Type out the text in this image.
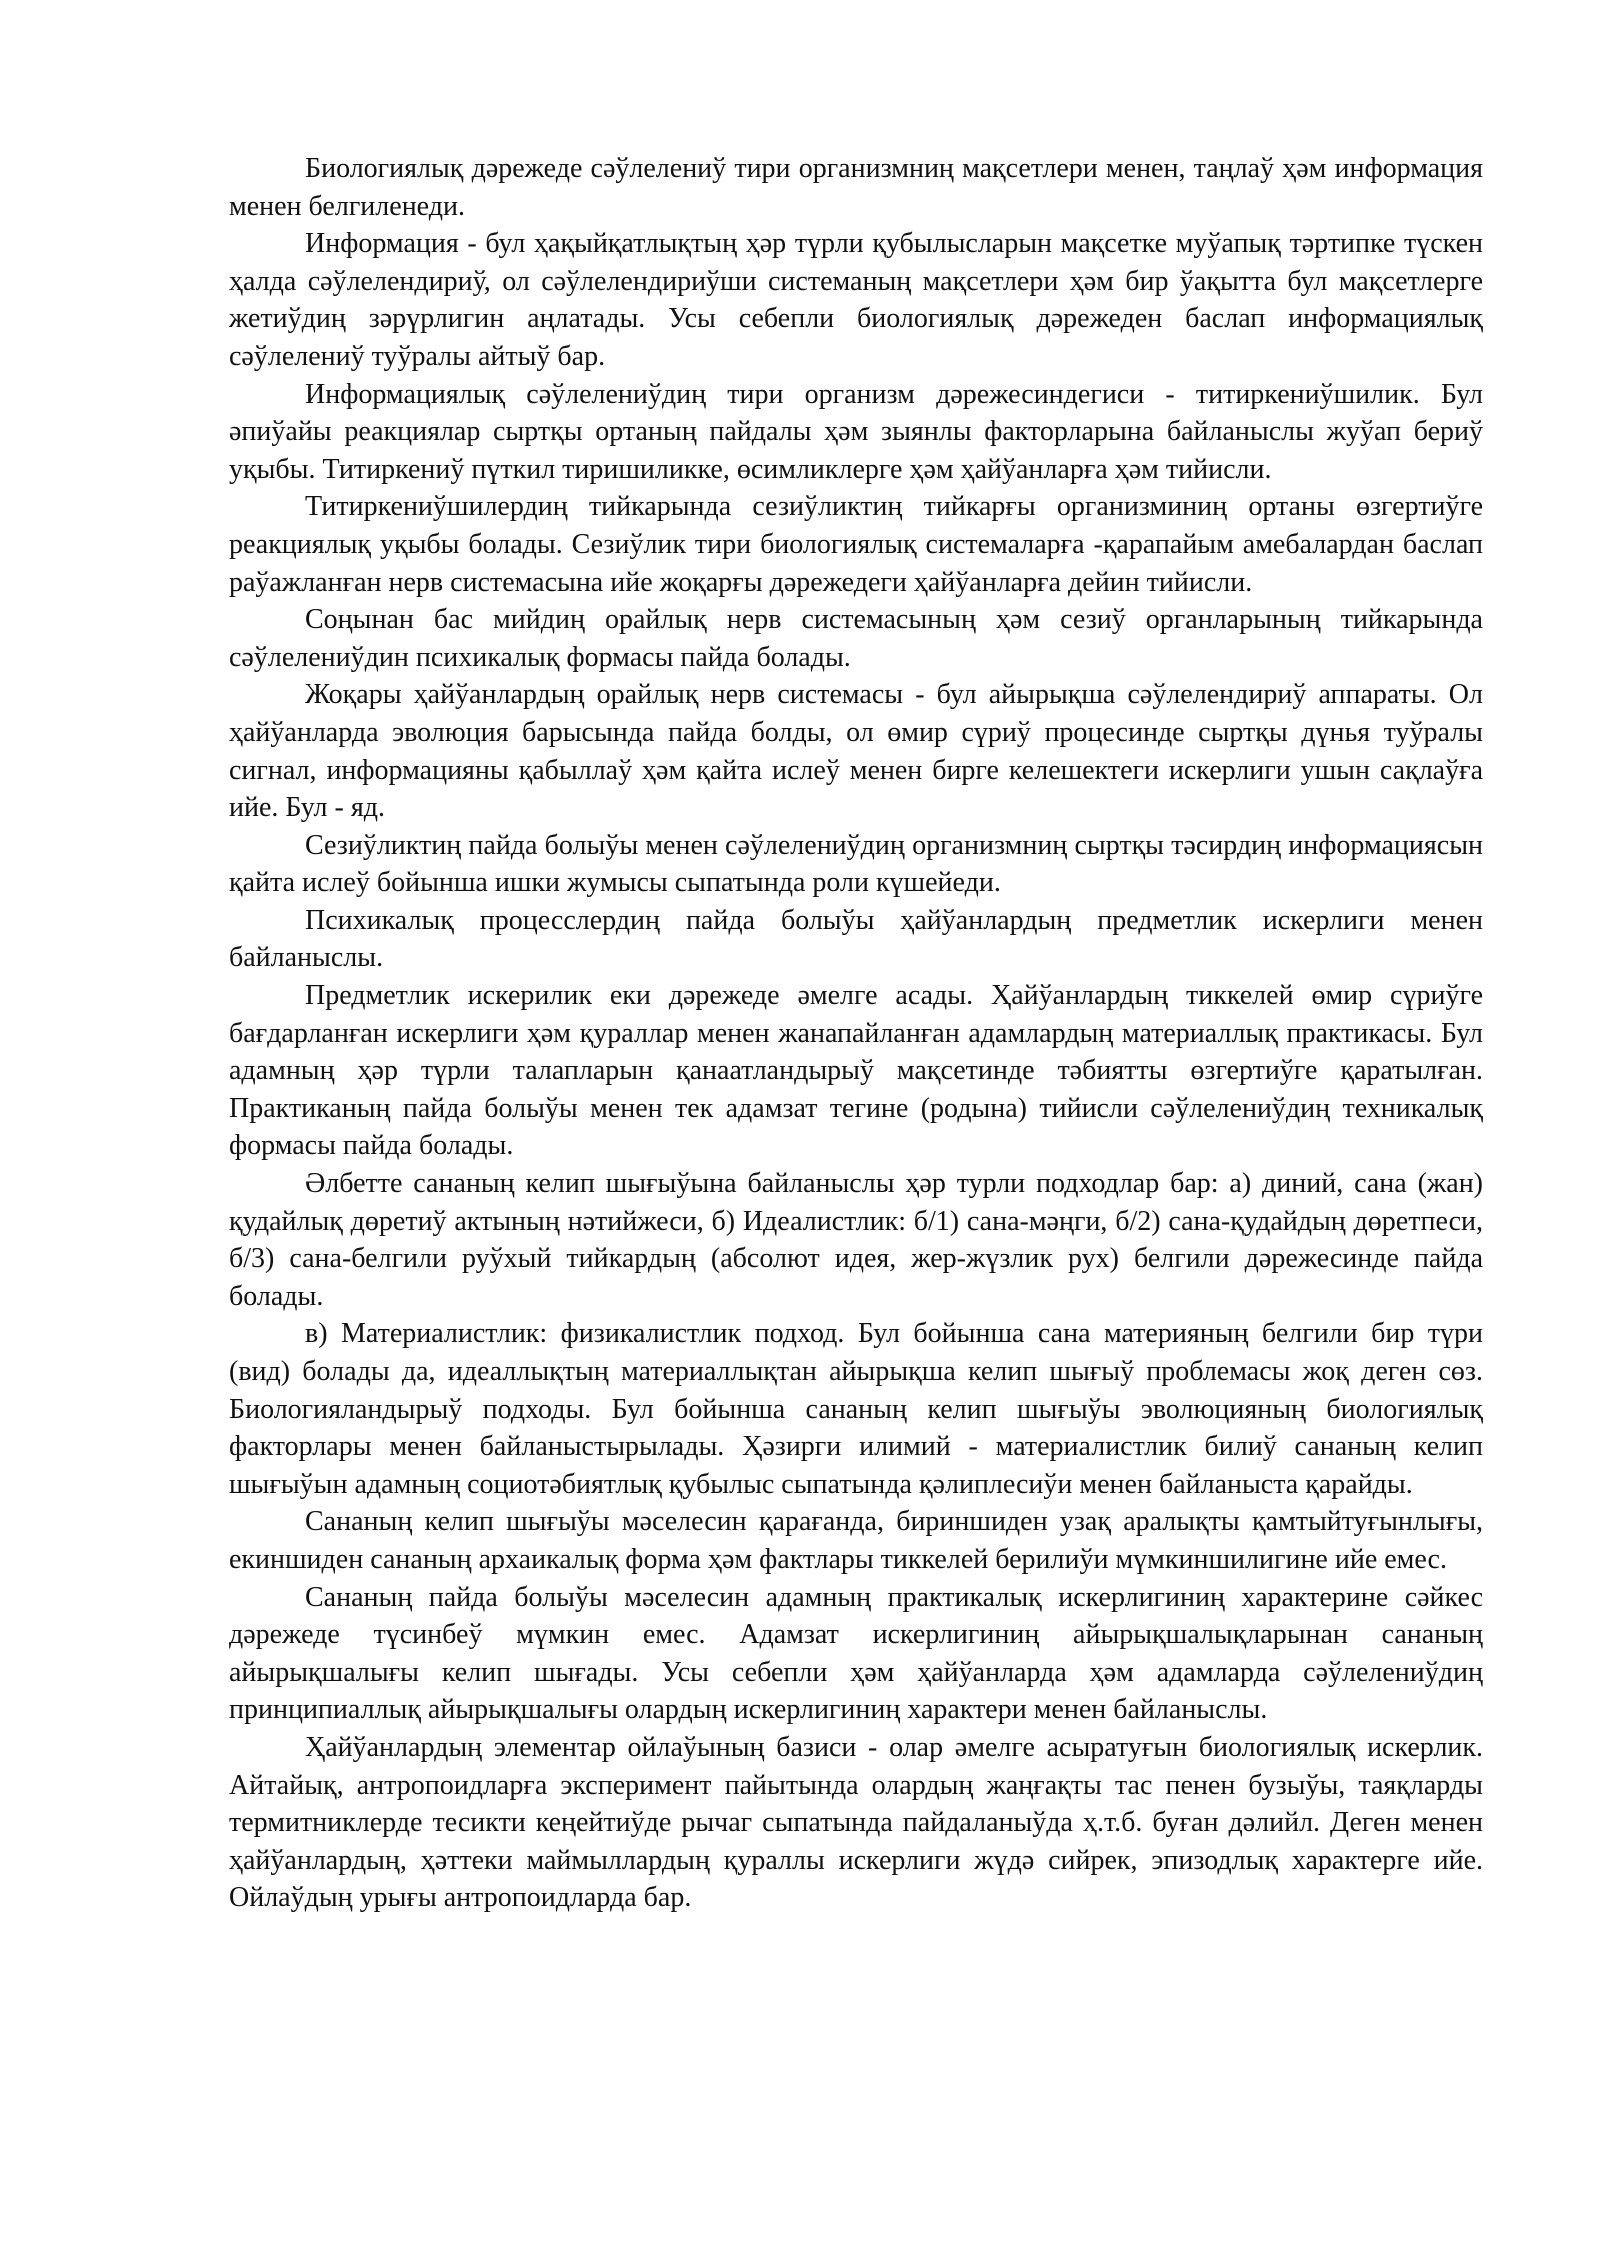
Биологиялық дәрежеде сәўлелениў тири организмниң мақсетлери менен, таңлаў ҳәм информация менен белгиленеди.

Информация - бул ҳақыйқатлықтың ҳәр түрли қубылысларын мақсетке муўапық тәртипке түскен ҳалда сәўлелендириў, ол сәўлелендириўши системаның мақсетлери ҳәм бир ўақытта бул мақсетлерге жетиўдиң зәрүрлигин аңлатады. Усы себепли биологиялық дәрежеден баслап информациялық сәўлелениў туўралы айтыў бар.

Информациялық сәўлелениўдиң тири организм дәрежесиндегиси - титиркениўшилик. Бул әпиўайы реакциялар сыртқы ортаның пайдалы ҳәм зыянлы факторларына байланыслы жуўап бериў уқыбы. Титиркениў пүткил тиришиликке, өсимликлерге ҳәм ҳайўанларға ҳәм тийисли.

Титиркениўшилердиң тийкарында сезиўликтиң тийкарғы организминиң ортаны өзгертиўге реакциялық уқыбы болады. Сезиўлик тири биологиялық системаларға -қарапайым амебалардан баслап раўажланған нерв системасына ийе жоқарғы дәрежедеги ҳайўанларға дейин тийисли.

Соңынан бас мийдиң орайлық нерв системасының ҳәм сезиў органларының тийкарында сәўлелениўдин психикалық формасы пайда болады.

Жоқары ҳайўанлардың орайлық нерв системасы - бул айырықша сәўлелендириў аппараты. Ол ҳайўанларда эволюция барысында пайда болды, ол өмир сүриў процесинде сыртқы дүнья туўралы сигнал, информацияны қабыллаў ҳәм қайта ислеў менен бирге келешектеги искерлиги ушын сақлаўға ийе. Бул - яд.

Сезиўликтиң пайда болыўы менен сәўлелениўдиң организмниң сыртқы тәсирдиң информациясын қайта ислеў бойынша ишки жумысы сыпатында роли күшейеди.

Психикалық процесслердиң пайда болыўы ҳайўанлардың предметлик искерлиги менен байланыслы.

Предметлик искерилик еки дәрежеде әмелге асады. Ҳайўанлардың тиккелей өмир сүриўге бағдарланған искерлиги ҳәм қураллар менен жанапайланған адамлардың материаллық практикасы. Бул адамның ҳәр түрли талапларын қанаатландырыў мақсетинде тәбиятты өзгертиўге қаратылған. Практиканың пайда болыўы менен тек адамзат тегине (родына) тийисли сәўлелениўдиң техникалық формасы пайда болады.

Әлбетте сананың келип шығыўына байланыслы ҳәр турли подходлар бар: а) диний, сана (жан) қудайлық дөретиў актының нәтийжеси, б) Идеалистлик: б/1) сана-мәңги, б/2) сана-қудайдың дөретпеси, б/3) сана-белгили руўхый тийкардың (абсолют идея, жер-жүзлик рух) белгили дәрежесинде пайда болады.

в) Материалистлик: физикалистлик подход. Бул бойынша сана материяның белгили бир түри (вид) болады да, идеаллықтың материаллықтан айырықша келип шығыў проблемасы жоқ деген сөз. Биологияландырыў подходы. Бул бойынша сананың келип шығыўы эволюцияның биологиялық факторлары менен байланыстырылады. Ҳәзирги илимий - материалистлик билиў сананың келип шығыўын адамның социотәбиятлық қубылыс сыпатында қәлиплесиўи менен байланыста қарайды.

Сананың келип шығыўы мәселесин қарағанда, бириншиден узақ аралықты қамтыйтуғынлығы, екиншиден сананың архаикалық форма ҳәм фактлары тиккелей берилиўи мүмкиншилигине ийе емес.

Сананың пайда болыўы мәселесин адамның практикалық искерлигиниң характерине сәйкес дәрежеде түсинбеў мүмкин емес. Адамзат искерлигиниң айырықшалықларынан сананың айырықшалығы келип шығады. Усы себепли ҳәм ҳайўанларда ҳәм адамларда сәўлелениўдиң принципиаллық айырықшалығы олардың искерлигиниң характери менен байланыслы.

Ҳайўанлардың элементар ойлаўының базиси - олар әмелге асыратуғын биологиялық искерлик. Айтайық, антропоидларға эксперимент пайытында олардың жаңғақты тас пенен бузыўы, таяқларды термитниклерде тесикти кеңейтиўде рычаг сыпатында пайдаланыўда ҳ.т.б. буған дәлийл. Деген менен ҳайўанлардың, ҳәттеки маймыллардың қураллы искерлиги жүдә сийрек, эпизодлық характерге ийе. Ойлаўдың урығы антропоидларда бар.
